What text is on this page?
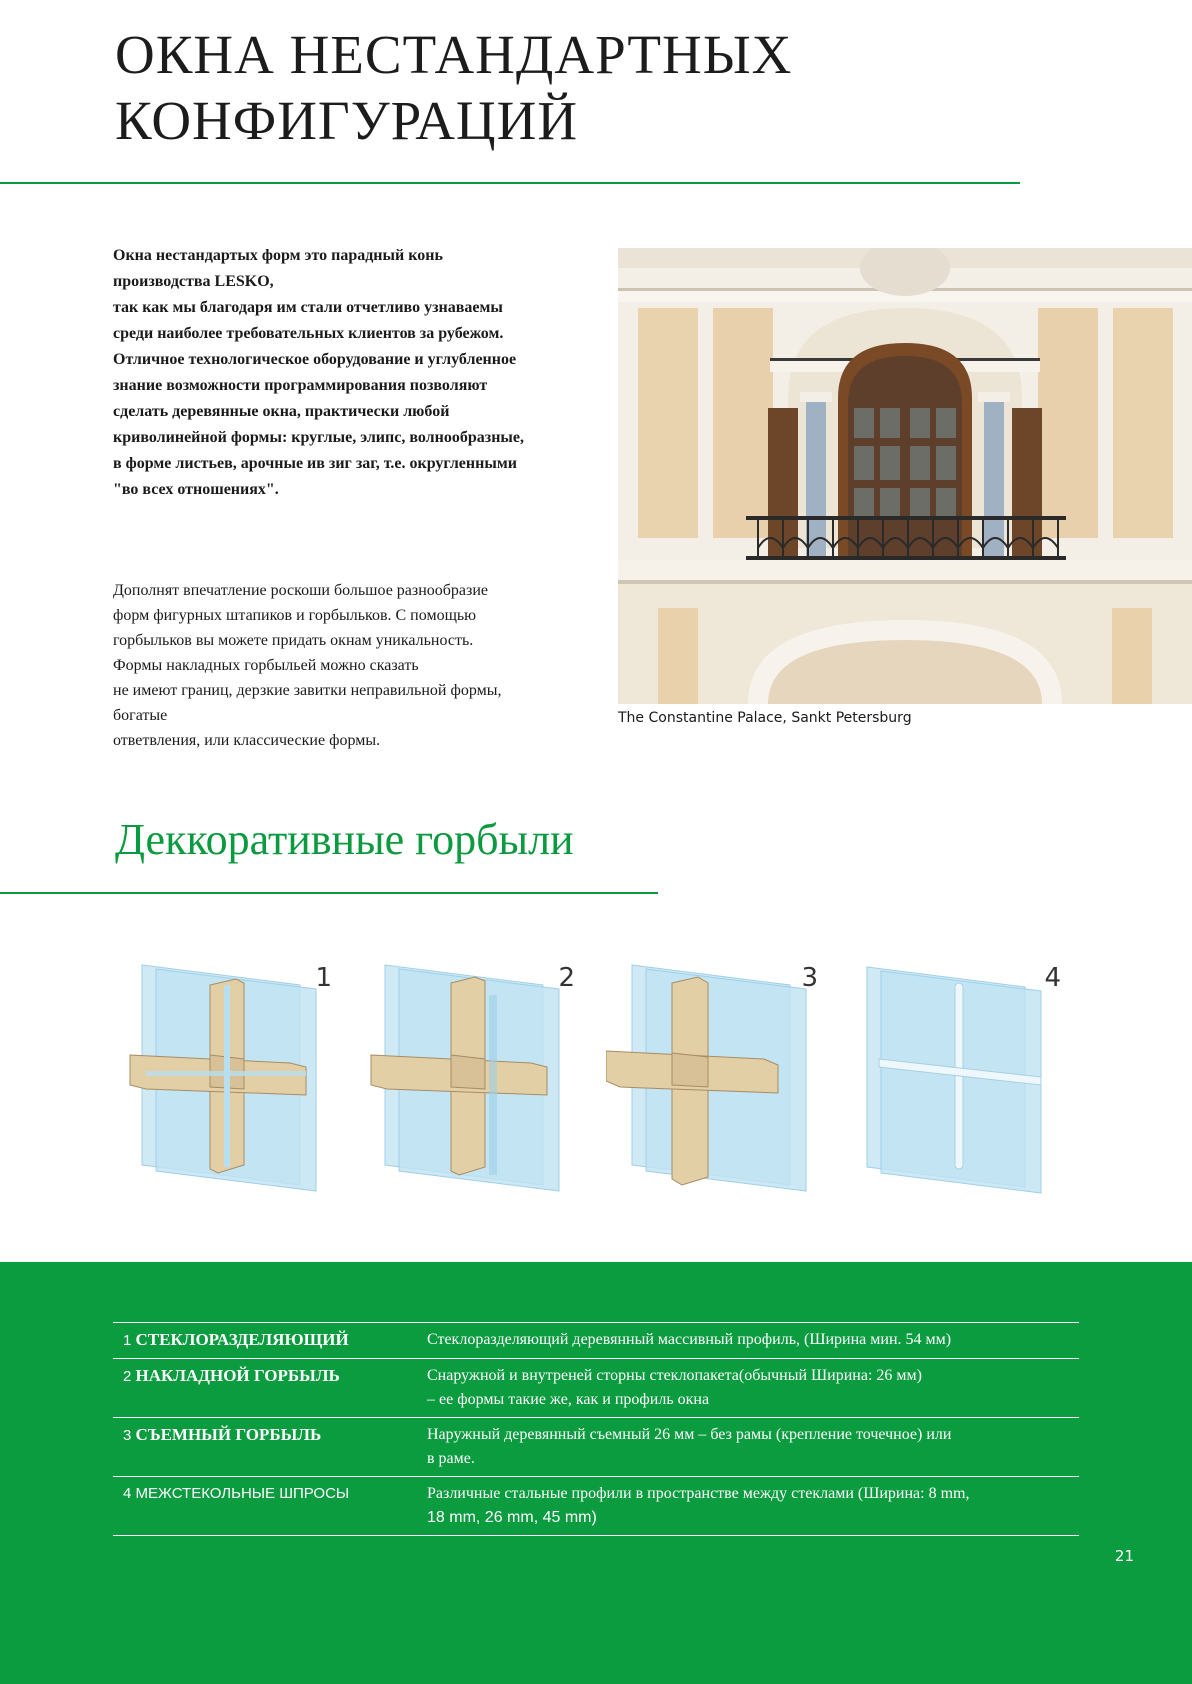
ОКНА НЕСТАНДАРТНЫХ
КОНФИГУРАЦИЙ
Окна нестандартых форм это парадный конь
производства LESKO,
так как мы благодаря им стали отчетливо узнаваемы
среди наиболее требовательных клиентов за рубежом.
Отличное технологическое оборудование и углубленное
знание возможности программирования позволяют
сделать деревянные окна, практически любой
криволинейной формы: круглые, элипс, волнообразные,
в форме листьев, арочные ив зиг заг, т.е. округленными
"во всех отношениях".
Дополнят впечатление роскоши большое разнообразие
форм фигурных штапиков и горбыльков. С помощью
горбыльков вы можете придать окнам уникальность.
Формы накладных горбыльей можно сказать
не имеют границ, дерзкие завитки неправильной формы,
богатые
ответвления, или классические формы.
The Constantine Palace, Sankt Petersburg
Деккоративные горбыли
1	2	3	4
1 СТЕКЛОРАЗДЕЛЯЮЩИЙ	Стеклоразделяющий деревянный массивный профиль, (Ширина мин. 54 мм)

2 НАКЛАДНОЙ ГОРБЫЛЬ	Снаружной и внутреней сторны стеклопакета(обычный Ширина: 26 мм)
– ее формы такие же, как и профиль окна

3 СЪЕМНЫЙ ГОРБЫЛЬ	Наружный деревянный съемный 26 мм – без рамы (крепление точечное) или
в раме.

4 МЕЖСТЕКОЛЬНЫЕ ШПРОСЫ	Различные стальные профили в пространстве между стеклами (Ширина: 8 mm,
18 mm, 26 mm, 45 mm)
21
